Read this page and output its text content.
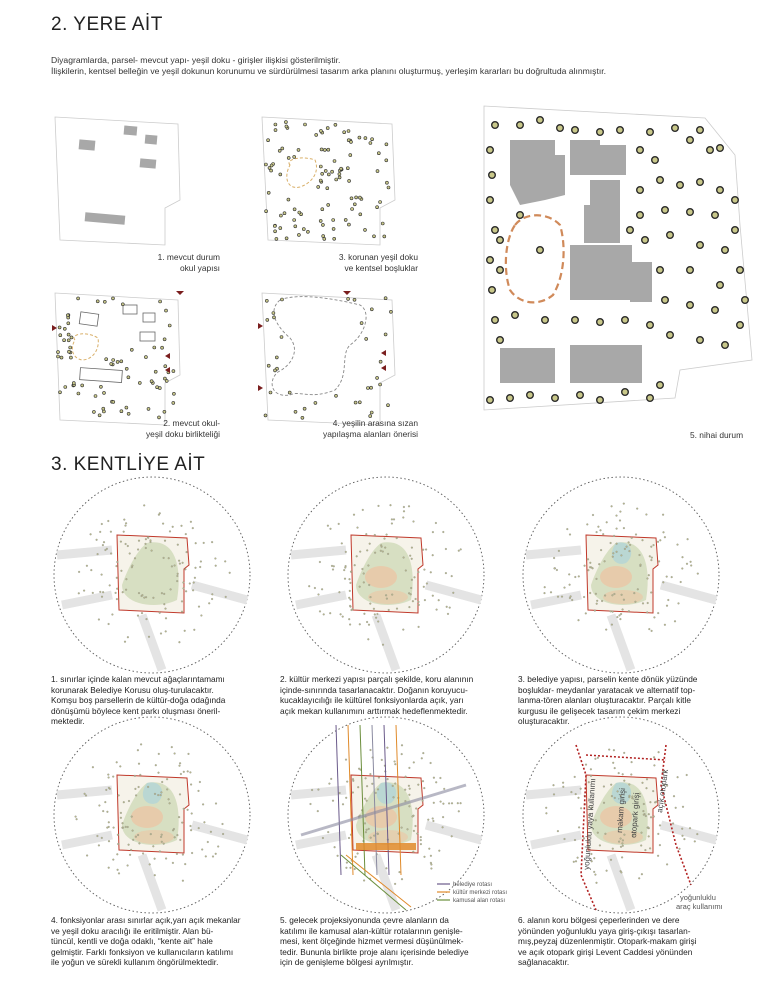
2. YERE AİT
Diyagramlarda, parsel- mevcut yapı- yeşil doku - girişler ilişkisi gösterilmiştir.
İlişkilerin, kentsel belleğin ve yeşil dokunun korunumu ve sürdürülmesi tasarım arka planını oluşturmuş, yerleşim kararları bu doğrultuda alınmıştır.
1. mevcut durum
okul yapısı
3. korunan yeşil doku
ve kentsel boşluklar
2. mevcut okul-
yeşil doku birlikteliği
4. yeşilin arasına sızan
yapılaşma alanları önerisi	5. nihai durum
3. KENTLİYE AİT
1. sınırlar içinde kalan mevcut ağaçlarıntamamı
korunarak Belediye Korusu oluş-turulacaktır.
Komşu boş parsellerin de kültür-doğa odağında
dönüşümü böylece kent parkı oluşması öneril-
mektedir.
2. kültür merkezi yapısı parçalı şekilde, koru alanının
içinde-sınırında tasarlanacaktır. Doğanın koruyucu-
kucaklayıcılığı ile kültürel fonksiyonlarda açık, yarı
açık mekan kullanımını arttırmak hedeflenmektedir.
3. belediye yapısı, parselin kente dönük yüzünde
boşluklar- meydanlar yaratacak ve alternatif top-
lanma-tören alanları oluşturacaktır. Parçalı kitle
kurgusu ile gelişecek tasarım çekim merkezi
oluşturacaktır.
4. fonksiyonlar arası sınırlar açık,yarı açık mekanlar
ve yeşil doku aracılığı ile eritilmiştir. Alan bü-
tüncül, kentli ve doğa odaklı, “kente ait” hale
gelmiştir. Farklı fonksiyon ve kullanıcıların katılımı
ile yoğun ve sürekli kullanım öngörülmektedir.
5. gelecek projeksiyonunda çevre alanların da
katılımı ile kamusal alan-kültür rotalarının genişle-
mesi, kent ölçeğinde hizmet vermesi düşünülmek-
tedir. Bununla birlikte proje alanı içerisinde belediye
için de genişleme bölgesi ayrılmıştır.
6. alanın koru bölgesi çeperlerinden ve dere
yönünden yoğunluklu yaya giriş-çıkışı tasarlan-
mış,peyzaj düzenlenmiştir. Otopark-makam girişi
ve açık otopark girişi Levent Caddesi yönünden
sağlanacaktır.
belediye rotası
kültür merkezi rotası
kamusal alan rotası
yoğunluklu yaya kullanımı makam girişi otopark girişi
açık otopark
yoğunluklu
araç kullanımı
